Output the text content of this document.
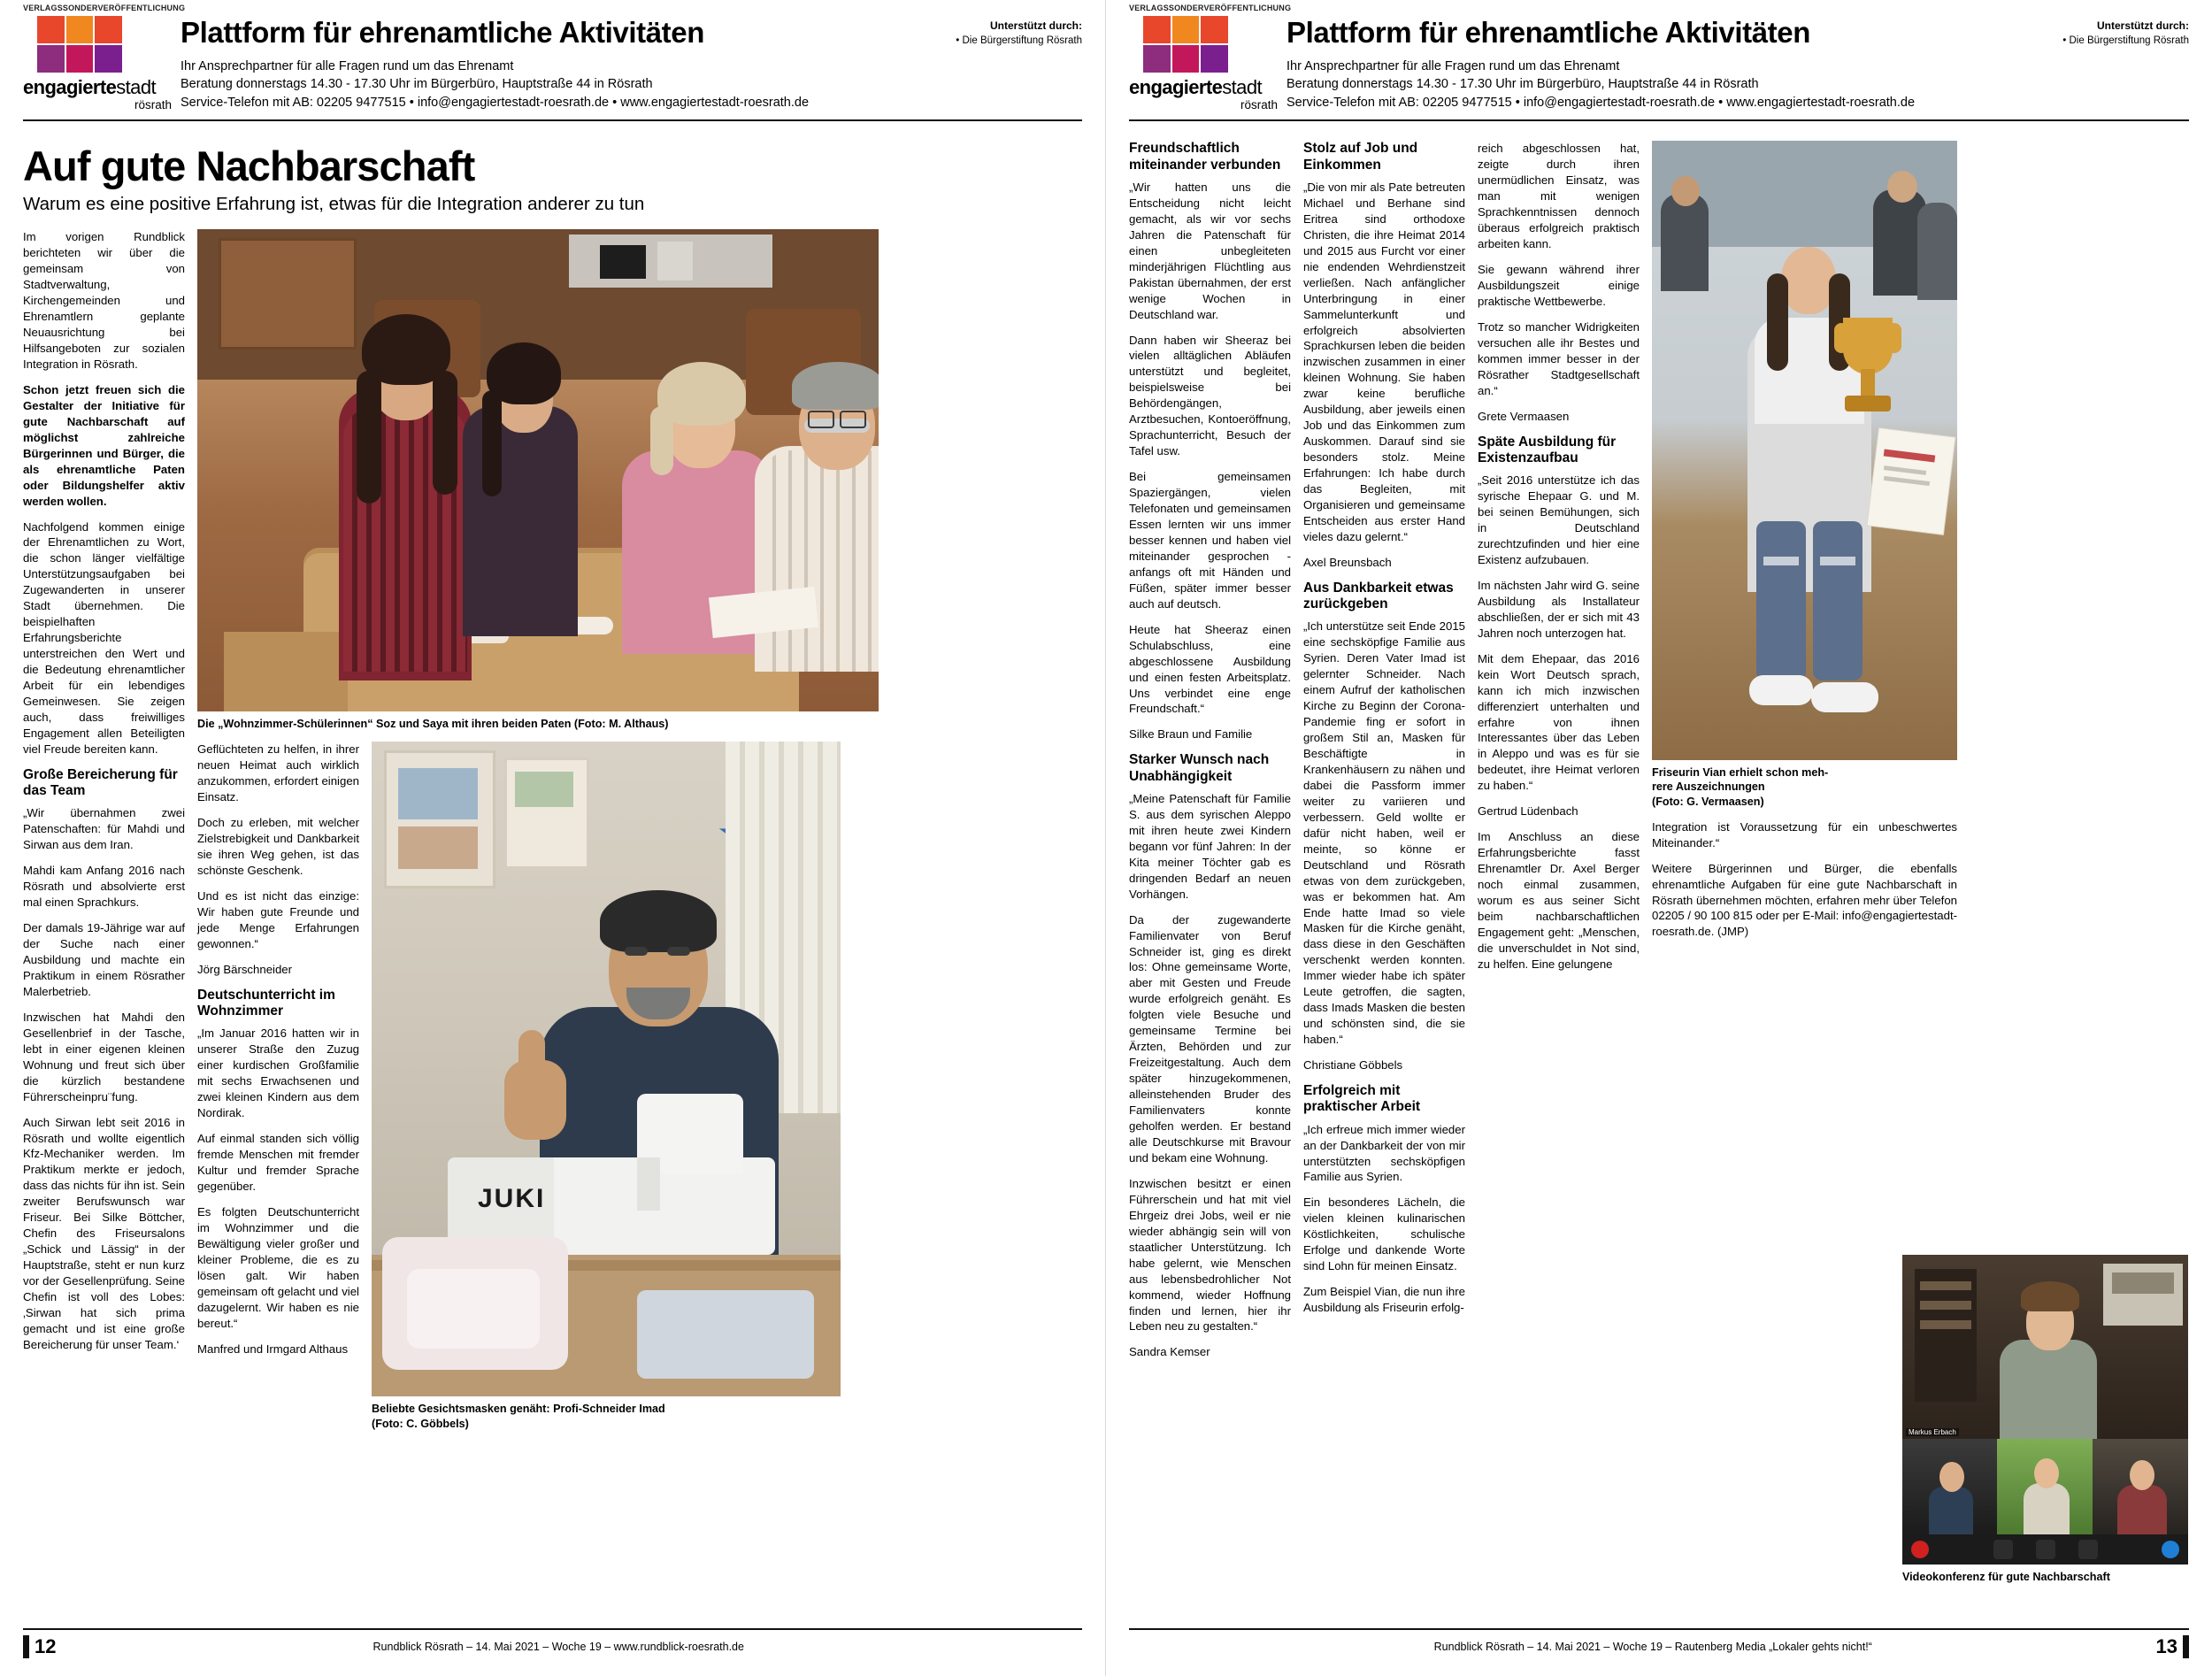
VERLAGSSONDERVERÖFFENTLICHUNG
engagiertestadt
rösrath
Plattform für ehrenamtliche Aktivitäten
Ihr Ansprechpartner für alle Fragen rund um das Ehrenamt
Beratung donnerstags 14.30 - 17.30 Uhr im Bürgerbüro, Hauptstraße 44 in Rösrath
Service-Telefon mit AB: 02205 9477515 • info@engagiertestadt-roesrath.de • www.engagiertestadt-roesrath.de
Unterstützt durch:
• Die Bürgerstiftung Rösrath
Auf gute Nachbarschaft
Warum es eine positive Erfahrung ist, etwas für die Integration anderer zu tun

Im vorigen Rundblick berichteten wir über die gemeinsam von Stadtverwaltung, Kirchengemeinden und Ehrenamtlern geplante Neuausrichtung bei Hilfsangeboten zur sozialen Integration in Rösrath.

Schon jetzt freuen sich die Gestalter der Initiative für gute Nachbarschaft auf möglichst zahlreiche Bürgerinnen und Bürger, die als ehrenamtliche Paten oder Bildungshelfer aktiv werden wollen.

Nachfolgend kommen einige der Ehrenamtlichen zu Wort, die schon länger vielfältige Unterstützungsaufgaben bei Zugewanderten in unserer Stadt übernehmen. Die beispielhaften Erfahrungsberichte unterstreichen den Wert und die Bedeutung ehrenamtlicher Arbeit für ein lebendiges Gemeinwesen. Sie zeigen auch, dass freiwilliges Engagement allen Beteiligten viel Freude bereiten kann.

Große Bereicherung für das Team

„Wir übernahmen zwei Patenschaften: für Mahdi und Sirwan aus dem Iran.

Mahdi kam Anfang 2016 nach Rösrath und absolvierte erst mal einen Sprachkurs.

Der damals 19-Jährige war auf der Suche nach einer Ausbildung und machte ein Praktikum in einem Rösrather Malerbetrieb.

Inzwischen hat Mahdi den Gesellenbrief in der Tasche, lebt in einer eigenen kleinen Wohnung und freut sich über die kürzlich bestandene Führerscheinpru¨fung.

Auch Sirwan lebt seit 2016 in Rösrath und wollte eigentlich Kfz-Mechaniker werden. Im Praktikum merkte er jedoch, dass das nichts für ihn ist. Sein zweiter Berufswunsch war Friseur. Bei Silke Böttcher, Chefin des Friseursalons „Schick und Lässig“ in der Hauptstraße, steht er nun kurz vor der Gesellenprüfung. Seine Chefin ist voll des Lobes: ‚Sirwan hat sich prima gemacht und ist eine große Bereicherung für unser Team.‘

Die „Wohnzimmer-Schülerinnen“ Soz und Saya mit ihren beiden Paten (Foto: M. Althaus)

Geflüchteten zu helfen, in ihrer neuen Heimat auch wirklich anzukommen, erfordert einigen Einsatz.

Doch zu erleben, mit welcher Zielstrebigkeit und Dankbarkeit sie ihren Weg gehen, ist das schönste Geschenk.

Und es ist nicht das einzige: Wir haben gute Freunde und jede Menge Erfahrungen gewonnen.“

Jörg Bärschneider

Deutschunterricht im Wohnzimmer

„Im Januar 2016 hatten wir in unserer Straße den Zuzug einer kurdischen Großfamilie mit sechs Erwachsenen und zwei kleinen Kindern aus dem Nordirak.

Auf einmal standen sich völlig fremde Menschen mit fremder Kultur und fremder Sprache gegenüber.

Es folgten Deutschunterricht im Wohnzimmer und die Bewältigung vieler großer und kleiner Probleme, die es zu lösen galt. Wir haben gemeinsam oft gelacht und viel dazugelernt. Wir haben es nie bereut.“

Manfred und Irmgard Althaus

JUKI
Beliebte Gesichtsmasken genäht: Profi-Schneider Imad
(Foto: C. Göbbels)
12	Rundblick Rösrath – 14. Mai 2021 – Woche 19 – www.rundblick-roesrath.de
VERLAGSSONDERVERÖFFENTLICHUNG
engagiertestadt
rösrath
Plattform für ehrenamtliche Aktivitäten
Ihr Ansprechpartner für alle Fragen rund um das Ehrenamt
Beratung donnerstags 14.30 - 17.30 Uhr im Bürgerbüro, Hauptstraße 44 in Rösrath
Service-Telefon mit AB: 02205 9477515 • info@engagiertestadt-roesrath.de • www.engagiertestadt-roesrath.de
Unterstützt durch:
• Die Bürgerstiftung Rösrath
Freundschaftlich miteinander verbunden

„Wir hatten uns die Entscheidung nicht leicht gemacht, als wir vor sechs Jahren die Patenschaft für einen unbegleiteten minderjährigen Flüchtling aus Pakistan übernahmen, der erst wenige Wochen in Deutschland war.

Dann haben wir Sheeraz bei vielen alltäglichen Abläufen unterstützt und begleitet, beispielsweise bei Behördengängen, Arztbesuchen, Kontoeröffnung, Sprachunterricht, Besuch der Tafel usw.

Bei gemeinsamen Spaziergängen, vielen Telefonaten und gemeinsamen Essen lernten wir uns immer besser kennen und haben viel miteinander gesprochen - anfangs oft mit Händen und Füßen, später immer besser auch auf deutsch.

Heute hat Sheeraz einen Schulabschluss, eine abgeschlossene Ausbildung und einen festen Arbeitsplatz. Uns verbindet eine enge Freundschaft.“

Silke Braun und Familie

Starker Wunsch nach Unabhängigkeit

„Meine Patenschaft für Familie S. aus dem syrischen Aleppo mit ihren heute zwei Kindern begann vor fünf Jahren: In der Kita meiner Töchter gab es dringenden Bedarf an neuen Vorhängen.

Da der zugewanderte Familienvater von Beruf Schneider ist, ging es direkt los: Ohne gemeinsame Worte, aber mit Gesten und Freude wurde erfolgreich genäht. Es folgten viele Besuche und gemeinsame Termine bei Ärzten, Behörden und zur Freizeitgestaltung. Auch dem später hinzugekommenen, alleinstehenden Bruder des Familienvaters konnte geholfen werden. Er bestand alle Deutschkurse mit Bravour und bekam eine Wohnung.

Inzwischen besitzt er einen Führerschein und hat mit viel Ehrgeiz drei Jobs, weil er nie wieder abhängig sein will von staatlicher Unterstützung. Ich habe gelernt, wie Menschen aus lebensbedrohlicher Not kommend, wieder Hoffnung finden und lernen, hier ihr Leben neu zu gestalten.“

Sandra Kemser

Stolz auf Job und Einkommen

„Die von mir als Pate betreuten Michael und Berhane sind Eritrea sind orthodoxe Christen, die ihre Heimat 2014 und 2015 aus Furcht vor einer nie endenden Wehrdienstzeit verließen. Nach anfänglicher Unterbringung in einer Sammelunterkunft und erfolgreich absolvierten Sprachkursen leben die beiden inzwischen zusammen in einer kleinen Wohnung. Sie haben zwar keine berufliche Ausbildung, aber jeweils einen Job und das Einkommen zum Auskommen. Darauf sind sie besonders stolz. Meine Erfahrungen: Ich habe durch das Begleiten, mit Organisieren und gemeinsame Entscheiden aus erster Hand vieles dazu gelernt.“

Axel Breunsbach

Aus Dankbarkeit etwas zurückgeben

„Ich unterstütze seit Ende 2015 eine sechsköpfige Familie aus Syrien. Deren Vater Imad ist gelernter Schneider. Nach einem Aufruf der katholischen Kirche zu Beginn der Corona-Pandemie fing er sofort in großem Stil an, Masken für Beschäftigte in Krankenhäusern zu nähen und dabei die Passform immer weiter zu variieren und verbessern. Geld wollte er dafür nicht haben, weil er meinte, so könne er Deutschland und Rösrath etwas von dem zurückgeben, was er bekommen hat. Am Ende hatte Imad so viele Masken für die Kirche genäht, dass diese in den Geschäften verschenkt werden konnten. Immer wieder habe ich später Leute getroffen, die sagten, dass Imads Masken die besten und schönsten sind, die sie haben.“

Christiane Göbbels

Erfolgreich mit praktischer Arbeit

„Ich erfreue mich immer wieder an der Dankbarkeit der von mir unterstützten sechsköpfigen Familie aus Syrien.

Ein besonderes Lächeln, die vielen kleinen kulinarischen Köstlichkeiten, schulische Erfolge und dankende Worte sind Lohn für meinen Einsatz.

Zum Beispiel Vian, die nun ihre Ausbildung als Friseurin erfolg-

reich abgeschlossen hat, zeigte durch ihren unermüdlichen Einsatz, was man mit wenigen Sprachkenntnissen dennoch überaus erfolgreich praktisch arbeiten kann.

Sie gewann während ihrer Ausbildungszeit einige praktische Wettbewerbe.

Trotz so mancher Widrigkeiten versuchen alle ihr Bestes und kommen immer besser in der Rösrather Stadtgesellschaft an.“

Grete Vermaasen

Späte Ausbildung für Existenzaufbau

„Seit 2016 unterstütze ich das syrische Ehepaar G. und M. bei seinen Bemühungen, sich in Deutschland zurechtzufinden und hier eine Existenz aufzubauen.

Im nächsten Jahr wird G. seine Ausbildung als Installateur abschließen, der er sich mit 43 Jahren noch unterzogen hat.

Mit dem Ehepaar, das 2016 kein Wort Deutsch sprach, kann ich mich inzwischen differenziert unterhalten und erfahre von ihnen Interessantes über das Leben in Aleppo und was es für sie bedeutet, ihre Heimat verloren zu haben.“

Gertrud Lüdenbach

Im Anschluss an diese Erfahrungsberichte fasst Ehrenamtler Dr. Axel Berger noch einmal zusammen, worum es aus seiner Sicht beim nachbarschaftlichen Engagement geht: „Menschen, die unverschuldet in Not sind, zu helfen. Eine gelungene

Friseurin Vian erhielt schon meh-
rere Auszeichnungen
(Foto: G. Vermaasen)

Integration ist Voraussetzung für ein unbeschwertes Miteinander.“

Weitere Bürgerinnen und Bürger, die ebenfalls ehrenamtliche Aufgaben für eine gute Nachbarschaft in Rösrath übernehmen möchten, erfahren mehr über Telefon 02205 / 90 100 815 oder per E-Mail: info@engagiertestadt-roesrath.de. (JMP)

Markus Erbach
Videokonferenz für gute Nachbarschaft
Rundblick Rösrath – 14. Mai 2021 – Woche 19 – Rautenberg Media „Lokaler gehts nicht!“	13
